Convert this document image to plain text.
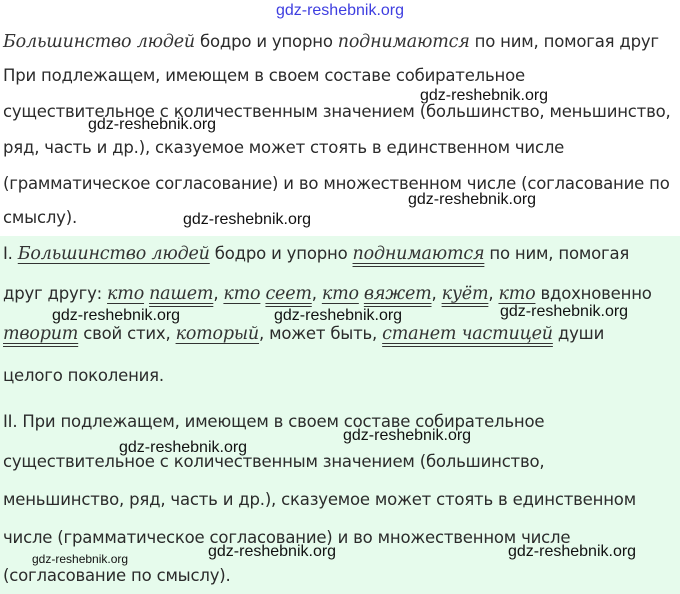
gdz-reshebnik.org
Большинство людей бодро и упорно поднимаются по ним, помогая друг
При подлежащем, имеющем в своем составе собирательное
существительное с количественным значением (большинство, меньшинство,
ряд, часть и др.), сказуемое может стоять в единственном числе
(грамматическое согласование) и во множественном числе (согласование по
смыслу).
I. Большинство людей бодро и упорно поднимаются по ним, помогая
друг другу: кто пашет, кто сеет, кто вяжет, куёт, кто вдохновенно
творит свой стих, который, может быть, станет частицей души
целого поколения.
II. При подлежащем, имеющем в своем составе собирательное
существительное с количественным значением (большинство,
меньшинство, ряд, часть и др.), сказуемое может стоять в единственном
числе (грамматическое согласование) и во множественном числе
(согласование по смыслу).
gdz-reshebnik.org
gdz-reshebnik.org
gdz-reshebnik.org
gdz-reshebnik.org
gdz-reshebnik.org	gdz-reshebnik.org	gdz-reshebnik.org
gdz-reshebnik.org
gdz-reshebnik.org
gdz-reshebnik.org	gdz-reshebnik.org
gdz-reshebnik.org
